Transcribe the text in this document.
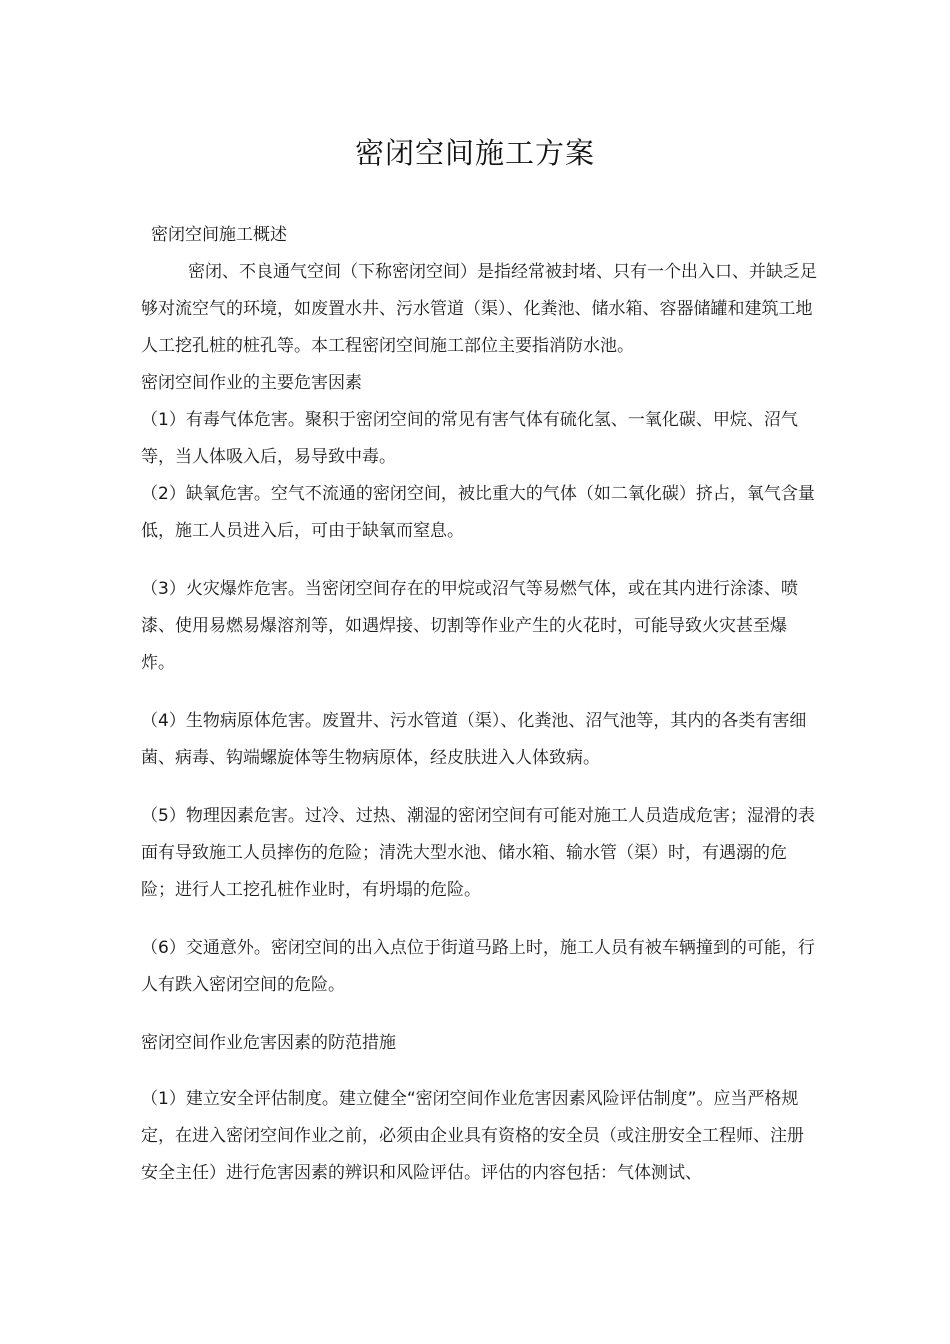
密闭空间施工方案

密闭空间施工概述

密闭、不良通气空间（下称密闭空间）是指经常被封堵、只有一个出入口、并缺乏足够对流空气的环境，如废置水井、污水管道（渠）、化粪池、储水箱、容器储罐和建筑工地人工挖孔桩的桩孔等。本工程密闭空间施工部位主要指消防水池。

密闭空间作业的主要危害因素

（1）有毒气体危害。聚积于密闭空间的常见有害气体有硫化氢、一氧化碳、甲烷、沼气等，当人体吸入后，易导致中毒。

（2）缺氧危害。空气不流通的密闭空间，被比重大的气体（如二氧化碳）挤占，氧气含量低，施工人员进入后，可由于缺氧而窒息。

（3）火灾爆炸危害。当密闭空间存在的甲烷或沼气等易燃气体，或在其内进行涂漆、喷漆、使用易燃易爆溶剂等，如遇焊接、切割等作业产生的火花时，可能导致火灾甚至爆炸。

（4）生物病原体危害。废置井、污水管道（渠）、化粪池、沼气池等，其内的各类有害细菌、病毒、钩端螺旋体等生物病原体，经皮肤进入人体致病。

（5）物理因素危害。过冷、过热、潮湿的密闭空间有可能对施工人员造成危害；湿滑的表面有导致施工人员摔伤的危险；清洗大型水池、储水箱、输水管（渠）时，有遇溺的危险；进行人工挖孔桩作业时，有坍塌的危险。

（6）交通意外。密闭空间的出入点位于街道马路上时，施工人员有被车辆撞到的可能，行人有跌入密闭空间的危险。

密闭空间作业危害因素的防范措施

（1）建立安全评估制度。建立健全“密闭空间作业危害因素风险评估制度”。应当严格规定，在进入密闭空间作业之前，必须由企业具有资格的安全员（或注册安全工程师、注册安全主任）进行危害因素的辨识和风险评估。评估的内容包括：气体测试、
